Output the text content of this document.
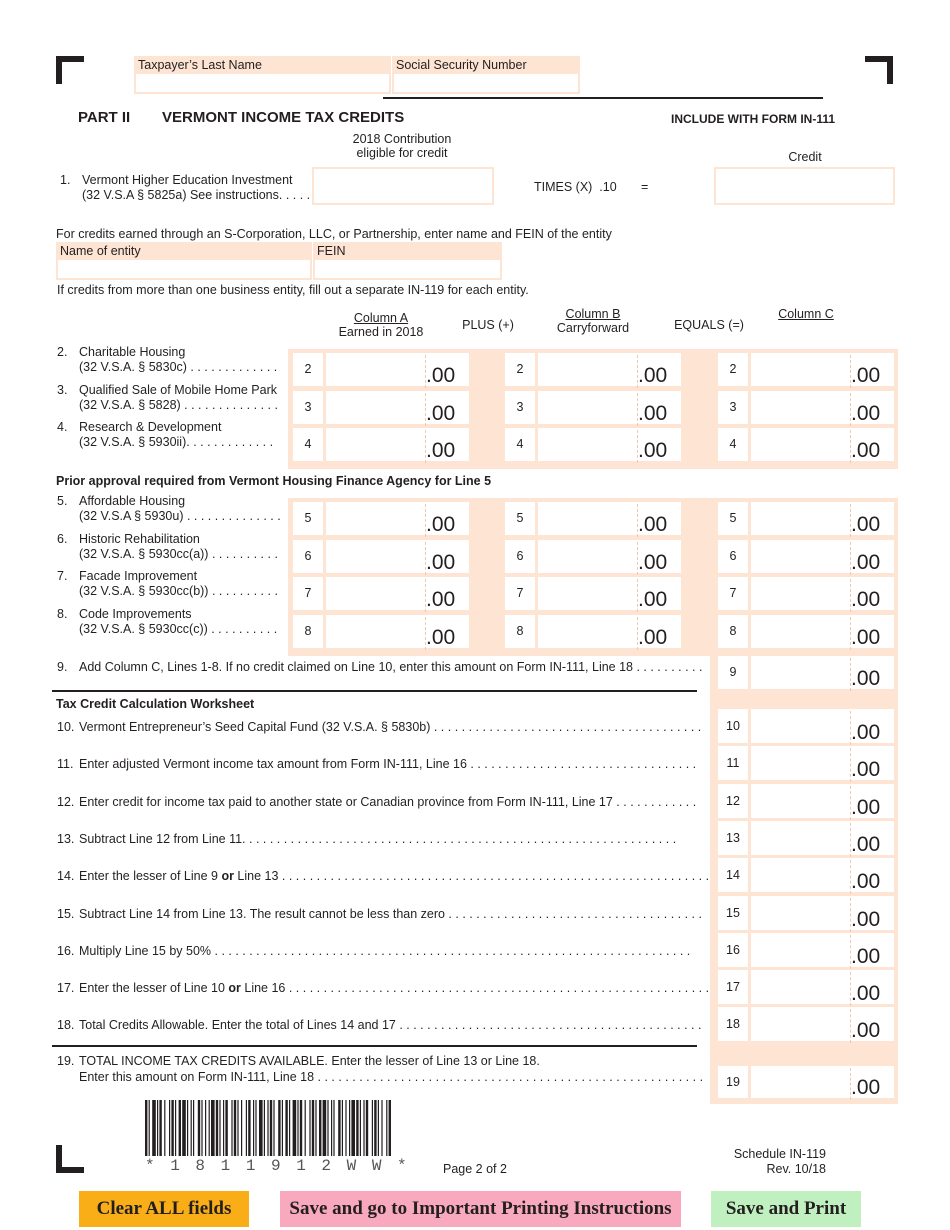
Taxpayer’s Last Name	Social Security Number
PART II VERMONT INCOME TAX CREDITS	INCLUDE WITH FORM IN-111
2018 Contribution
eligible for credit	Credit
1. Vermont Higher Education Investment
(32 V.S.A § 5825a) See instructions. . . . .
TIMES (X) .10 =
For credits earned through an S-Corporation, LLC, or Partnership, enter name and FEIN of the entity
Name of entity	FEIN
If credits from more than one business entity, fill out a separate IN-119 for each entity.
Column A
Earned in 2018	PLUS (+)
Column B
Carryforward	EQUALS (=)
Column C
Prior approval required from Vermont Housing Finance Agency for Line 5
Tax Credit Calculation Worksheet
* 1 8 1 1 9 1 2 W W *	Page 2 of 2
Schedule IN-119
Rev. 10/18
Clear ALL fields	Save and go to Important Printing Instructions	Save and Print
2. Charitable Housing
(32 V.S.A. § 5830c) . . . . . . . . . . . . .	2	.00	2	.00	2	.00
3. Qualified Sale of Mobile Home Park
(32 V.S.A. § 5828) . . . . . . . . . . . . . .	3	.00	3	.00	3	.00
4. Research & Development
(32 V.S.A. § 5930ii). . . . . . . . . . . . .	4	.00	4	.00	4	.00
5. Affordable Housing
(32 V.S.A § 5930u) . . . . . . . . . . . . . .	5	.00	5	.00	5	.00
6. Historic Rehabilitation
(32 V.S.A. § 5930cc(a)) . . . . . . . . . .	6	.00	6	.00	6	.00
7. Facade Improvement
(32 V.S.A. § 5930cc(b)) . . . . . . . . . .	7	.00	7	.00	7	.00
8. Code Improvements
(32 V.S.A. § 5930cc(c)) . . . . . . . . . .	8	.00	8	.00	8	.00
9. Add Column C, Lines 1-8. If no credit claimed on Line 10, enter this amount on Form IN-111, Line 18 . . . . . . . . . .	9	.00
10. Vermont Entrepreneur’s Seed Capital Fund (32 V.S.A. § 5830b) . . . . . . . . . . . . . . . . . . . . . . . . . . . . . . . . . . . . . . .	10	.00
11. Enter adjusted Vermont income tax amount from Form IN-111, Line 16 . . . . . . . . . . . . . . . . . . . . . . . . . . . . . . . . .	11	.00
12. Enter credit for income tax paid to another state or Canadian province from Form IN-111, Line 17 . . . . . . . . . . . .	12	.00
13. Subtract Line 12 from Line 11. . . . . . . . . . . . . . . . . . . . . . . . . . . . . . . . . . . . . . . . . . . . . . . . . . . . . . . . . . . . . . .	13	.00
14. Enter the lesser of Line 9 or Line 13 . . . . . . . . . . . . . . . . . . . . . . . . . . . . . . . . . . . . . . . . . . . . . . . . . . . . . . . . . . . . . .	14	.00
15. Subtract Line 14 from Line 13. The result cannot be less than zero . . . . . . . . . . . . . . . . . . . . . . . . . . . . . . . . . . . . .	15	.00
16. Multiply Line 15 by 50% . . . . . . . . . . . . . . . . . . . . . . . . . . . . . . . . . . . . . . . . . . . . . . . . . . . . . . . . . . . . . . . . . . . . .	16	.00
17. Enter the lesser of Line 10 or Line 16 . . . . . . . . . . . . . . . . . . . . . . . . . . . . . . . . . . . . . . . . . . . . . . . . . . . . . . . . . . . . .	17	.00
18. Total Credits Allowable. Enter the total of Lines 14 and 17 . . . . . . . . . . . . . . . . . . . . . . . . . . . . . . . . . . . . . . . . . . . .	18	.00
19. TOTAL INCOME TAX CREDITS AVAILABLE. Enter the lesser of Line 13 or Line 18.
Enter this amount on Form IN-111, Line 18 . . . . . . . . . . . . . . . . . . . . . . . . . . . . . . . . . . . . . . . . . . . . . . . . . . . . . . . .	19	.00
